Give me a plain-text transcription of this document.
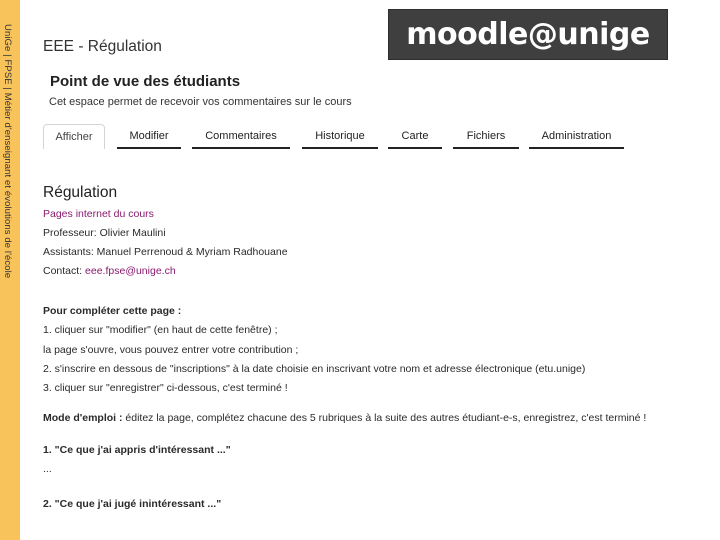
UniGe | FPSE | Métier d'enseignant et évolutions de l'école EEE - Régulation	moodle@unige
Point de vue des étudiants
Cet espace permet de recevoir vos commentaires sur le cours
Afficher	Modifier	Commentaires	Historique	Carte	Fichiers	Administration
Régulation
Pages internet du cours
Professeur: Olivier Maulini
Assistants: Manuel Perrenoud & Myriam Radhouane
Contact: eee.fpse@unige.ch
Pour compléter cette page :
1. cliquer sur "modifier" (en haut de cette fenêtre) ;
la page s'ouvre, vous pouvez entrer votre contribution ;
2. s'inscrire en dessous de "inscriptions" à la date choisie en inscrivant votre nom et adresse électronique (etu.unige)
3. cliquer sur "enregistrer" ci-dessous, c'est terminé !
Mode d'emploi : éditez la page, complétez chacune des 5 rubriques à la suite des autres étudiant-e-s, enregistrez, c'est terminé !
1. "Ce que j'ai appris d'intéressant ..."
...
2. "Ce que j'ai jugé inintéressant ..."
